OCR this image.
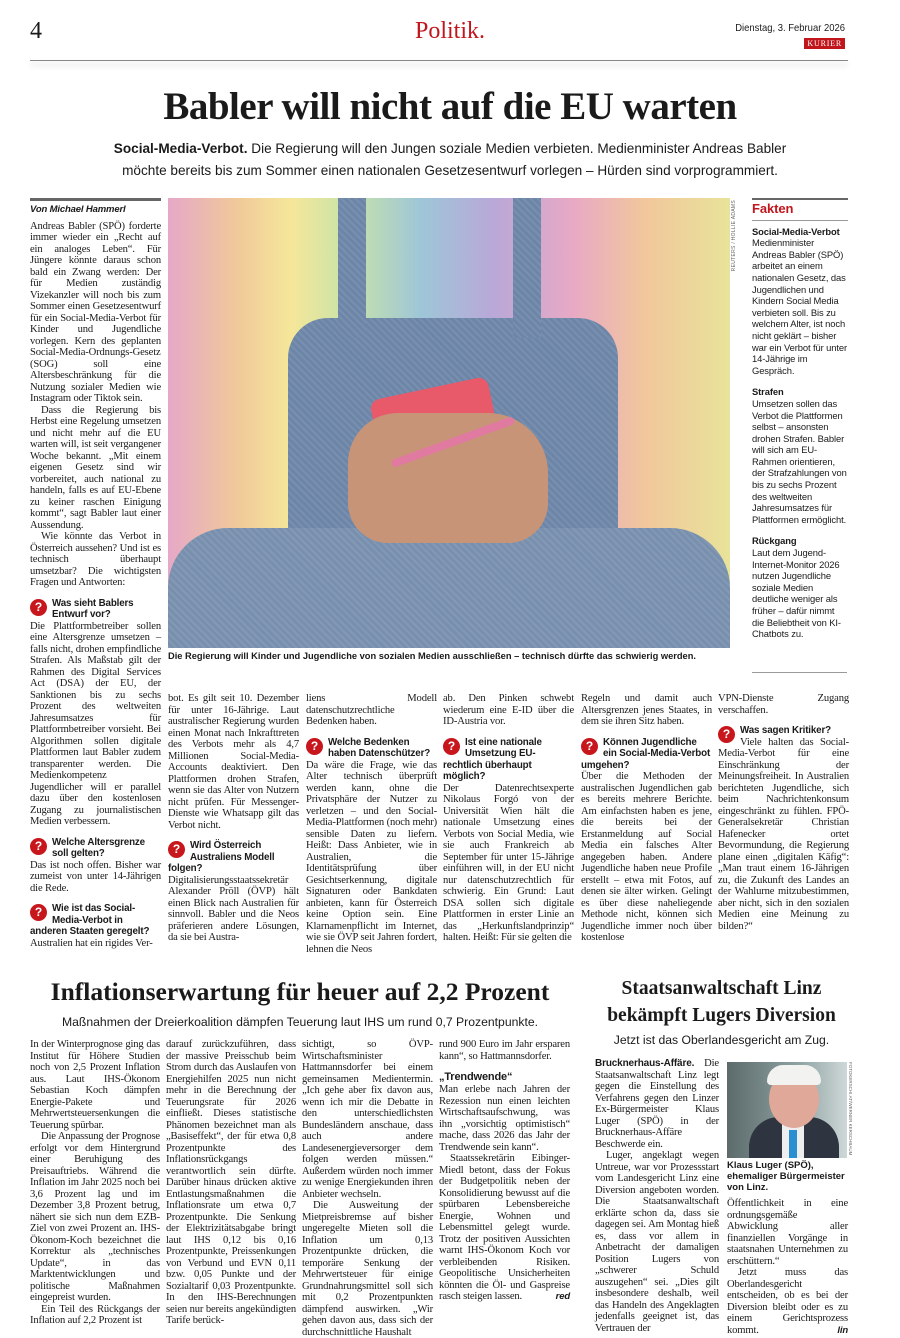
4	Politik.	Dienstag, 3. Februar 2026
KURIER
Babler will nicht auf die EU warten
Social-Media-Verbot. Die Regierung will den Jungen soziale Medien verbieten. Medienminister Andreas Babler möchte bereits bis zum Sommer einen nationalen Gesetzesentwurf vorlegen – Hürden sind vorprogrammiert.
REUTERS / HOLLIE ADAMS
Die Regierung will Kinder und Jugendliche von sozialen Medien ausschließen – technisch dürfte das schwierig werden.
Von Michael Hammerl

Andreas Babler (SPÖ) forderte immer wieder ein „Recht auf ein analoges Leben“. Für Jüngere könnte daraus schon bald ein Zwang werden: Der für Medien zuständig Vizekanzler will noch bis zum Sommer einen Gesetzesentwurf für ein Social-Media-Verbot für Kinder und Jugendliche vorlegen. Kern des geplanten Social-Media-Ordnungs-Gesetz (SOG) soll eine Altersbeschränkung für die Nutzung sozialer Medien wie Instagram oder Tiktok sein.

Dass die Regierung bis Herbst eine Regelung umsetzen und nicht mehr auf die EU warten will, ist seit vergangener Woche bekannt. „Mit einem eigenen Gesetz sind wir vorbereitet, auch national zu handeln, falls es auf EU-Ebene zu keiner raschen Einigung kommt“, sagt Babler laut einer Aussendung.

Wie könnte das Verbot in Österreich aussehen? Und ist es technisch überhaupt umsetzbar? Die wichtigsten Fragen und Antworten:

?	Was sieht Bablers Entwurf vor?

Die Plattformbetreiber sollen eine Altersgrenze umsetzen – falls nicht, drohen empfindliche Strafen. Als Maßstab gilt der Rahmen des Digital Services Act (DSA) der EU, der Sanktionen bis zu sechs Prozent des weltweiten Jahresumsatzes für Plattformbetreiber vorsieht. Bei Algorithmen sollen digitale Plattformen laut Babler zudem transparenter werden. Die Medienkompetenz Jugendlicher will er parallel dazu über den kostenlosen Zugang zu journalistischen Medien verbessern.

?	Welche Altersgrenze soll gelten?

Das ist noch offen. Bisher war zumeist von unter 14-Jährigen die Rede.

?	Wie ist das Social-Media-Verbot in anderen Staaten geregelt?

Australien hat ein rigides Ver-

bot. Es gilt seit 10. Dezember für unter 16-Jährige. Laut australischer Regierung wurden einen Monat nach Inkrafttreten des Verbots mehr als 4,7 Millionen Social-Media-Accounts deaktiviert. Den Plattformen drohen Strafen, wenn sie das Alter von Nutzern nicht prüfen. Für Messenger-Dienste wie Whatsapp gilt das Verbot nicht.

?	Wird Österreich Australiens Modell folgen?

Digitalisierungsstaatssekretär Alexander Pröll (ÖVP) hält einen Blick nach Australien für sinnvoll. Babler und die Neos präferieren andere Lösungen, da sie bei Austra-

liens Modell datenschutzrechtliche Bedenken haben.

?	Welche Bedenken haben Datenschützer?

Da wäre die Frage, wie das Alter technisch überprüft werden kann, ohne die Privatsphäre der Nutzer zu verletzen – und den Social-Media-Plattformen (noch mehr) sensible Daten zu liefern. Heißt: Dass Anbieter, wie in Australien, die Identitätsprüfung über Gesichtserkennung, digitale Signaturen oder Bankdaten anbieten, kann für Österreich keine Option sein. Eine Klarnamenpflicht im Internet, wie sie ÖVP seit Jahren fordert, lehnen die Neos

ab. Den Pinken schwebt wiederum eine E-ID über die ID-Austria vor.

?	Ist eine nationale Umsetzung EU-rechtlich überhaupt möglich?

Der Datenrechtsexperte Nikolaus Forgó von der Universität Wien hält die nationale Umsetzung eines Verbots von Social Media, wie sie auch Frankreich ab September für unter 15-Jährige einführen will, in der EU nicht nur datenschutzrechtlich für schwierig. Ein Grund: Laut DSA sollen sich digitale Plattformen in erster Linie an das „Herkunftslandprinzip“ halten. Heißt: Für sie gelten die

Regeln und damit auch Altersgrenzen jenes Staates, in dem sie ihren Sitz haben.

?	Können Jugendliche ein Social-Media-Verbot umgehen?

Über die Methoden der australischen Jugendlichen gab es bereits mehrere Berichte. Am einfachsten haben es jene, die bereits bei der Erstanmeldung auf Social Media ein falsches Alter angegeben haben. Andere Jugendliche haben neue Profile erstellt – etwa mit Fotos, auf denen sie älter wirken. Gelingt es über diese naheliegende Methode nicht, können sich Jugendliche immer noch über kostenlose

VPN-Dienste Zugang verschaffen.

?	Was sagen Kritiker?

Viele halten das Social-Media-Verbot für eine Einschränkung der Meinungsfreiheit. In Australien berichteten Jugendliche, sich beim Nachrichtenkonsum eingeschränkt zu fühlen. FPÖ-Generalsekretär Christian Hafenecker ortet Bevormundung, die Regierung plane einen „digitalen Käfig“: „Man traut einem 16-Jährigen zu, die Zukunft des Landes an der Wahlurne mitzubestimmen, aber nicht, sich in den sozialen Medien eine Meinung zu bilden?“

Fakten
Social-Media-Verbot
Medienminister Andreas Babler (SPÖ) arbeitet an einem nationalen Gesetz, das Jugendlichen und Kindern Social Media verbieten soll. Bis zu welchem Alter, ist noch nicht geklärt – bisher war ein Verbot für unter 14-Jährige im Gespräch.
Strafen
Umsetzen sollen das Verbot die Plattformen selbst – ansonsten drohen Strafen. Babler will sich am EU-Rahmen orientieren, der Strafzahlungen von bis zu sechs Prozent des weltweiten Jahresumsatzes für Plattformen ermöglicht.
Rückgang
Laut dem Jugend-Internet-Monitor 2026 nutzen Jugendliche soziale Medien deutliche weniger als früher – dafür nimmt die Beliebtheit von KI-Chatbots zu.
Inflationserwartung für heuer auf 2,2 Prozent
Maßnahmen der Dreierkoalition dämpfen Teuerung laut IHS um rund 0,7 Prozentpunkte.

In der Winterprognose ging das Institut für Höhere Studien noch von 2,5 Prozent Inflation aus. Laut IHS-Ökonom Sebastian Koch dämpfen Energie-Pakete und Mehrwertsteuersenkungen die Teuerung spürbar.

Die Anpassung der Prognose erfolgt vor dem Hintergrund einer Beruhigung des Preisauftriebs. Während die Inflation im Jahr 2025 noch bei 3,6 Prozent lag und im Dezember 3,8 Prozent betrug, nähert sie sich nun dem EZB-Ziel von zwei Prozent an. IHS-Ökonom-Koch bezeichnet die Korrektur als „technisches Update“, in das Marktentwicklungen und politische Maßnahmen eingepreist wurden.

Ein Teil des Rückgangs der Inflation auf 2,2 Prozent ist

darauf zurückzuführen, dass der massive Preisschub beim Strom durch das Auslaufen von Energiehilfen 2025 nun nicht mehr in die Berechnung der Teuerungsrate für 2026 einfließt. Dieses statistische Phänomen bezeichnet man als „Basiseffekt“, der für etwa 0,8 Prozentpunkte des Inflationsrückgangs verantwortlich sein dürfte. Darüber hinaus drücken aktive Entlastungsmaßnahmen die Inflationsrate um etwa 0,7 Prozentpunkte. Die Senkung der Elektrizitätsabgabe bringt laut IHS 0,12 bis 0,16 Prozentpunkte, Preissenkungen von Verbund und EVN 0,11 bzw. 0,05 Punkte und der Sozialtarif 0,03 Prozentpunkte. In den IHS-Berechnungen seien nur bereits angekündigten Tarife berück-

sichtigt, so ÖVP-Wirtschaftsminister Hattmannsdorfer bei einem gemeinsamen Medientermin. „Ich gehe aber fix davon aus, wenn ich mir die Debatte in den unterschiedlichsten Bundesländern anschaue, dass auch andere Landesenergieversorger dem folgen werden müssen.“ Außerdem würden noch immer zu wenige Energiekunden ihren Anbieter wechseln.

Die Ausweitung der Mietpreisbremse auf bisher ungeregelte Mieten soll die Inflation um 0,13 Prozentpunkte drücken, die temporäre Senkung der Mehrwertsteuer für einige Grundnahrungsmittel soll sich mit 0,2 Prozentpunkten dämpfend auswirken. „Wir gehen davon aus, dass sich der durchschnittliche Haushalt

rund 900 Euro im Jahr ersparen kann“, so Hattmannsdorfer.

„Trendwende“

Man erlebe nach Jahren der Rezession nun einen leichten Wirtschaftsaufschwung, was ihn „vorsichtig optimistisch“ mache, dass 2026 das Jahr der Trendwende sein kann“.

Staatssekretärin Eibinger-Miedl betont, dass der Fokus der Budgetpolitik neben der Konsolidierung bewusst auf die spürbaren Lebensbereiche Energie, Wohnen und Lebensmittel gelegt wurde. Trotz der positiven Aussichten warnt IHS-Ökonom Koch vor verbleibenden Risiken. Geopolitische Unsicherheiten könnten die Öl- und Gaspreise rasch steigen lassen.	red

Staatsanwaltschaft Linz bekämpft Lugers Diversion
Jetzt ist das Oberlandesgericht am Zug.

Brucknerhaus-Affäre. Die Staatsanwaltschaft Linz legt gegen die Einstellung des Verfahrens gegen den Linzer Ex-Bürgermeister Klaus Luger (SPÖ) in der Brucknerhaus-Affäre Beschwerde ein.

Luger, angeklagt wegen Untreue, war vor Prozessstart vom Landesgericht Linz eine Diversion angeboten worden. Die Staatsanwaltschaft erklärte schon da, dass sie dagegen sei. Am Montag hieß es, dass vor allem in Anbetracht der damaligen Position Lugers von „schwerer Schuld auszugehen“ sei. „Dies gilt insbesondere deshalb, weil das Handeln des Angeklagten jedenfalls geeignet ist, das Vertrauen der

FOTOKERSCHI.AT/WERNER KERSCHBAUM
Klaus Luger (SPÖ), ehemaliger Bürgermeister von Linz.

Öffentlichkeit in eine ordnungsgemäße Abwicklung aller finanziellen Vorgänge in staatsnahen Unternehmen zu erschüttern.“

Jetzt muss das Oberlandesgericht entscheiden, ob es bei der Diversion bleibt oder es zu einem Gerichtsprozess kommt.	lin
